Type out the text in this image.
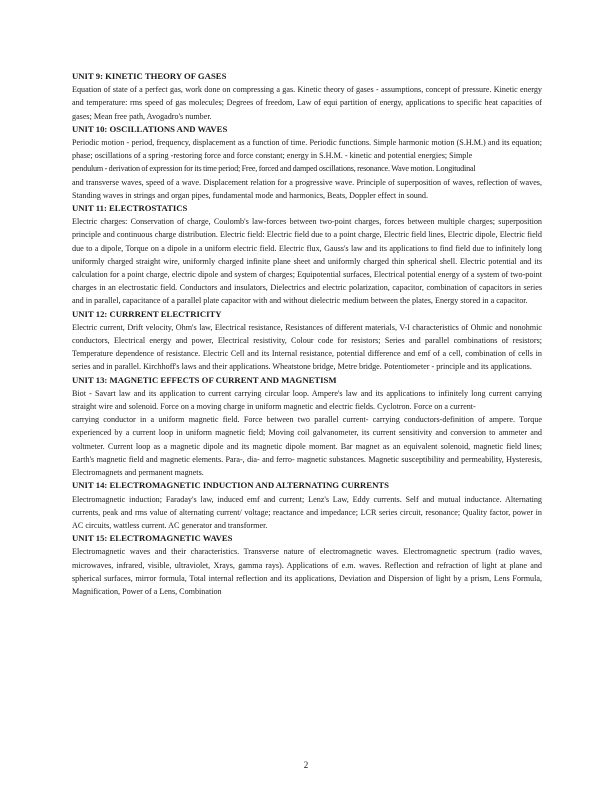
UNIT 9: KINETIC THEORY OF GASES

Equation of state of a perfect gas, work done on compressing a gas. Kinetic theory of gases - assumptions, concept of pressure. Kinetic energy and temperature: rms speed of gas molecules; Degrees of freedom, Law of equi partition of energy, applications to specific heat capacities of gases; Mean free path, Avogadro's number.

UNIT 10: OSCILLATIONS AND WAVES

Periodic motion - period, frequency, displacement as a function of time. Periodic functions. Simple harmonic motion (S.H.M.) and its equation; phase; oscillations of a spring -restoring force and force constant; energy in S.H.M. - kinetic and potential energies; Simple

pendulum - derivation of expression for its time period; Free, forced and damped oscillations, resonance. Wave motion. Longitudinal

and transverse waves, speed of a wave. Displacement relation for a progressive wave. Principle of superposition of waves, reflection of waves, Standing waves in strings and organ pipes, fundamental mode and harmonics, Beats, Doppler effect in sound.

UNIT 11: ELECTROSTATICS

Electric charges: Conservation of charge, Coulomb's law-forces between two-point charges, forces between multiple charges; superposition principle and continuous charge distribution. Electric field: Electric field due to a point charge, Electric field lines, Electric dipole, Electric field due to a dipole, Torque on a dipole in a uniform electric field. Electric flux, Gauss's law and its applications to find field due to infinitely long uniformly charged straight wire, uniformly charged infinite plane sheet and uniformly charged thin spherical shell. Electric potential and its calculation for a point charge, electric dipole and system of charges; Equipotential surfaces, Electrical potential energy of a system of two-point charges in an electrostatic field. Conductors and insulators, Dielectrics and electric polarization, capacitor, combination of capacitors in series and in parallel, capacitance of a parallel plate capacitor with and without dielectric medium between the plates, Energy stored in a capacitor.

UNIT 12: CURRRENT ELECTRICITY

Electric current, Drift velocity, Ohm's law, Electrical resistance, Resistances of different materials, V-I characteristics of Ohmic and nonohmic conductors, Electrical energy and power, Electrical resistivity, Colour code for resistors; Series and parallel combinations of resistors; Temperature dependence of resistance. Electric Cell and its Internal resistance, potential difference and emf of a cell, combination of cells in series and in parallel. Kirchhoff's laws and their applications. Wheatstone bridge, Metre bridge. Potentiometer - principle and its applications.

UNIT 13: MAGNETIC EFFECTS OF CURRENT AND MAGNETISM

Biot - Savart law and its application to current carrying circular loop. Ampere's law and its applications to infinitely long current carrying straight wire and solenoid. Force on a moving charge in uniform magnetic and electric fields. Cyclotron. Force on a current-

carrying conductor in a uniform magnetic field. Force between two parallel current- carrying conductors-definition of ampere. Torque experienced by a current loop in uniform magnetic field; Moving coil galvanometer, its current sensitivity and conversion to ammeter and voltmeter. Current loop as a magnetic dipole and its magnetic dipole moment. Bar magnet as an equivalent solenoid, magnetic field lines; Earth's magnetic field and magnetic elements. Para-, dia- and ferro- magnetic substances. Magnetic susceptibility and permeability, Hysteresis, Electromagnets and permanent magnets.

UNIT 14: ELECTROMAGNETIC INDUCTION AND ALTERNATING CURRENTS

Electromagnetic induction; Faraday's law, induced emf and current; Lenz's Law, Eddy currents. Self and mutual inductance. Alternating currents, peak and rms value of alternating current/ voltage; reactance and impedance; LCR series circuit, resonance; Quality factor, power in AC circuits, wattless current. AC generator and transformer.

UNIT 15: ELECTROMAGNETIC WAVES

Electromagnetic waves and their characteristics. Transverse nature of electromagnetic waves. Electromagnetic spectrum (radio waves, microwaves, infrared, visible, ultraviolet, Xrays, gamma rays). Applications of e.m. waves. Reflection and refraction of light at plane and spherical surfaces, mirror formula, Total internal reflection and its applications, Deviation and Dispersion of light by a prism, Lens Formula, Magnification, Power of a Lens, Combination

2
